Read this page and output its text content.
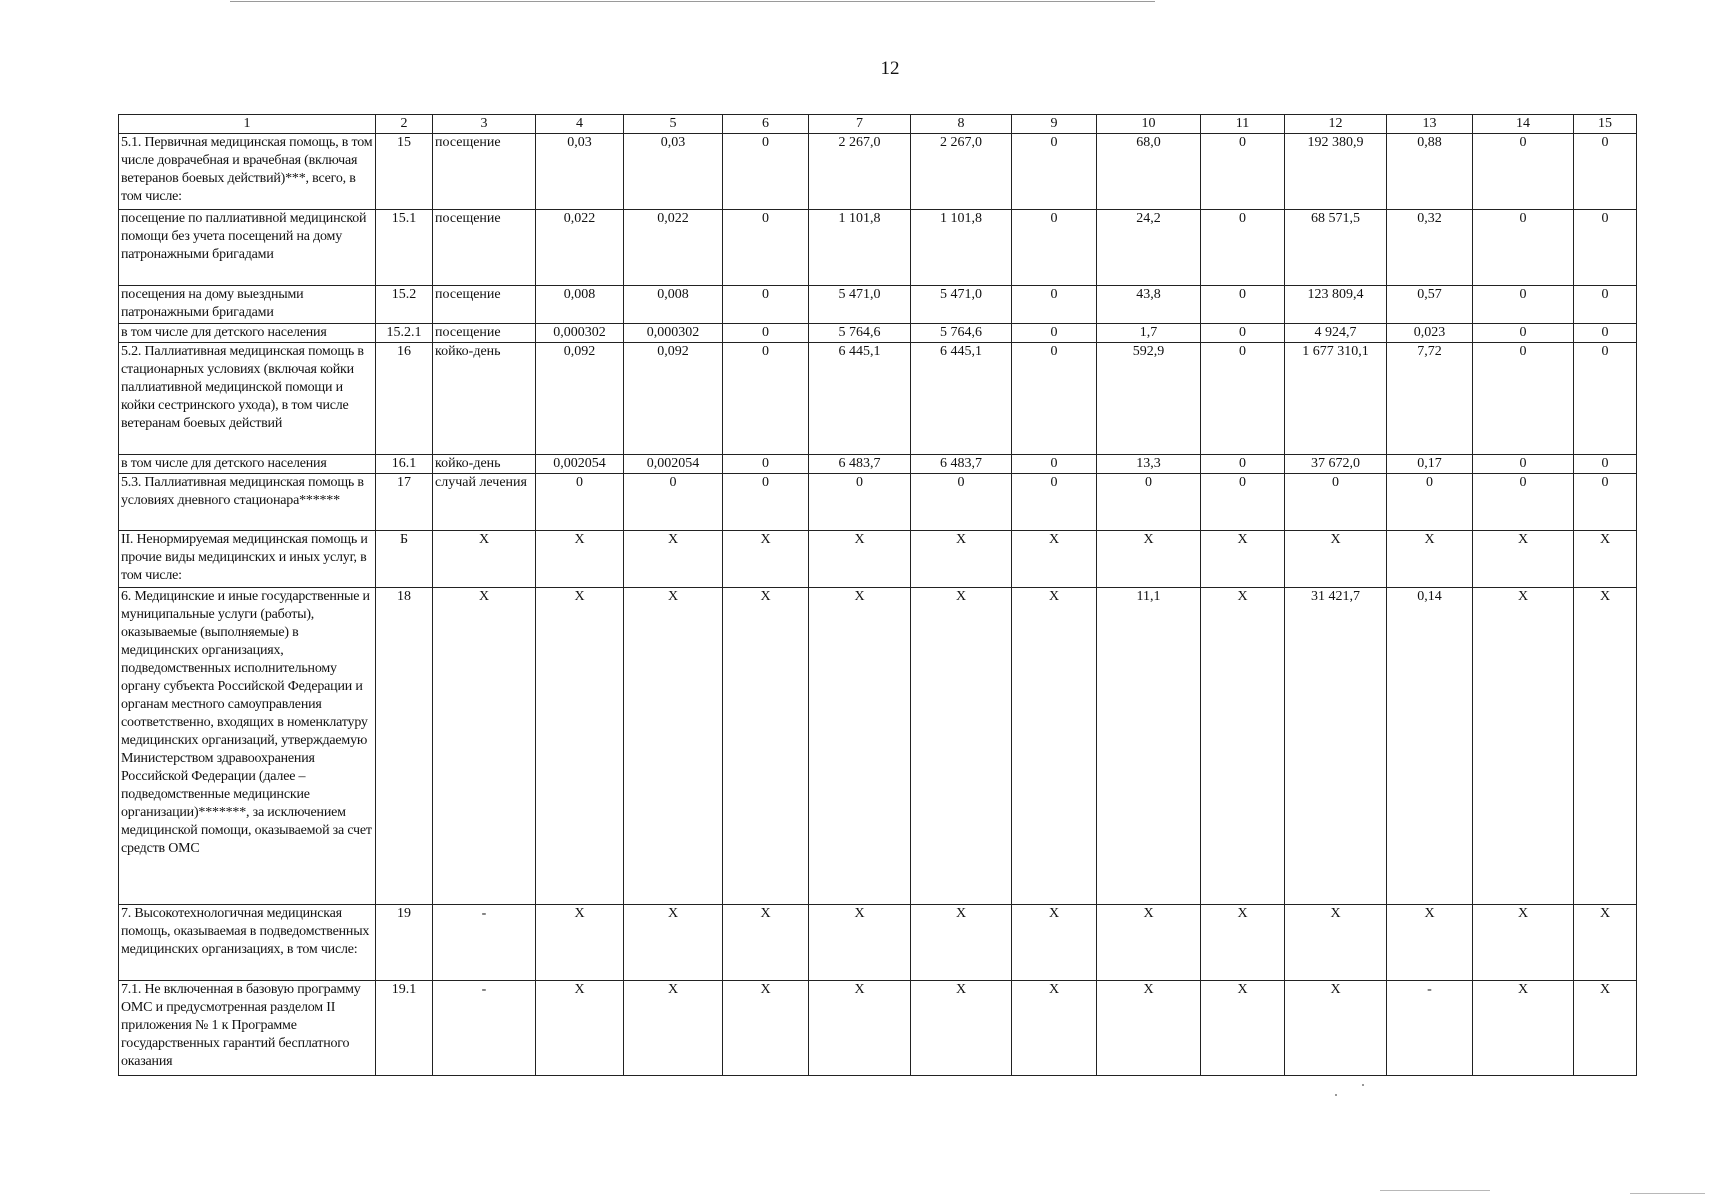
12
1	2	3	4	5	6	7	8	9	10	11	12	13	14	15
5.1. Первичная медицинская помощь, в том числе доврачебная и врачебная (включая ветеранов боевых действий)***, всего, в том числе:	15	посещение	0,03	0,03	0	2 267,0	2 267,0	0	68,0	0	192 380,9	0,88	0	0
посещение по паллиативной медицинской помощи без учета посещений на дому патронажными бригадами	15.1	посещение	0,022	0,022	0	1 101,8	1 101,8	0	24,2	0	68 571,5	0,32	0	0
посещения на дому выездными патронажными бригадами	15.2	посещение	0,008	0,008	0	5 471,0	5 471,0	0	43,8	0	123 809,4	0,57	0	0
в том числе для детского населения	15.2.1	посещение	0,000302	0,000302	0	5 764,6	5 764,6	0	1,7	0	4 924,7	0,023	0	0
5.2. Паллиативная медицинская помощь в стационарных условиях (включая койки паллиативной медицинской помощи и койки сестринского ухода), в том числе ветеранам боевых действий	16	койко-день	0,092	0,092	0	6 445,1	6 445,1	0	592,9	0	1 677 310,1	7,72	0	0
в том числе для детского населения	16.1	койко-день	0,002054	0,002054	0	6 483,7	6 483,7	0	13,3	0	37 672,0	0,17	0	0
5.3. Паллиативная медицинская помощь в условиях дневного стационара******	17	случай лечения	0	0	0	0	0	0	0	0	0	0	0	0
II. Ненормируемая медицинская помощь и прочие виды медицинских и иных услуг, в том числе:	Б	Х	Х	Х	Х	Х	Х	Х	Х	Х	Х	Х	Х	Х
6. Медицинские и иные государственные и муниципальные услуги (работы), оказываемые (выполняемые) в медицинских организациях, подведомственных исполнительному органу субъекта Российской Федерации и органам местного самоуправления соответственно, входящих в номенклатуру медицинских организаций, утверждаемую Министерством здравоохранения Российской Федерации (далее – подведомственные медицинские организации)*******, за исключением медицинской помощи, оказываемой за счет средств ОМС	18	Х	Х	Х	Х	Х	Х	Х	11,1	Х	31 421,7	0,14	Х	Х
7. Высокотехнологичная медицинская помощь, оказываемая в подведомственных медицинских организациях, в том числе:	19	-	Х	Х	Х	Х	Х	Х	Х	Х	Х	Х	Х	Х
7.1. Не включенная в базовую программу ОМС и предусмотренная разделом II приложения № 1 к Программе государственных гарантий бесплатного оказания	19.1	-	Х	Х	Х	Х	Х	Х	Х	Х	Х	-	Х	Х
